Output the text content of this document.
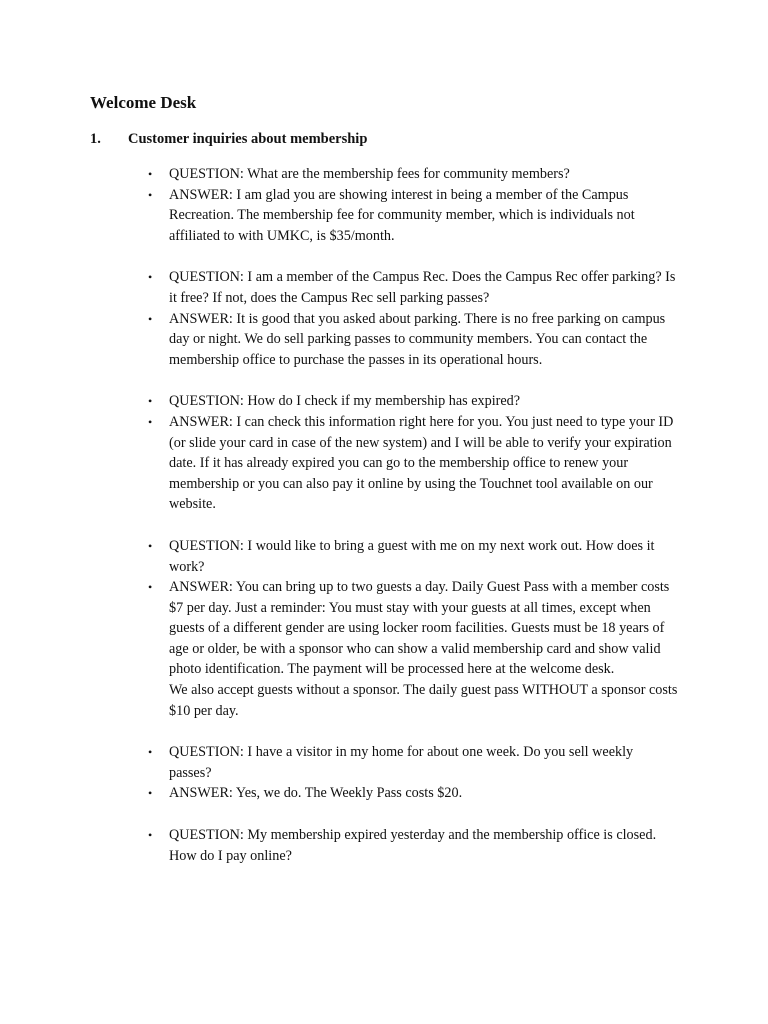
Welcome Desk
1. Customer inquiries about membership
• QUESTION: What are the membership fees for community members?
• ANSWER: I am glad you are showing interest in being a member of the Campus Recreation. The membership fee for community member, which is individuals not affiliated to with UMKC, is $35/month.
• QUESTION: I am a member of the Campus Rec. Does the Campus Rec offer parking? Is it free? If not, does the Campus Rec sell parking passes?
• ANSWER: It is good that you asked about parking. There is no free parking on campus day or night. We do sell parking passes to community members. You can contact the membership office to purchase the passes in its operational hours.
• QUESTION: How do I check if my membership has expired?
• ANSWER: I can check this information right here for you. You just need to type your ID (or slide your card in case of the new system) and I will be able to verify your expiration date. If it has already expired you can go to the membership office to renew your membership or you can also pay it online by using the Touchnet tool available on our website.
• QUESTION: I would like to bring a guest with me on my next work out. How does it work?
• ANSWER: You can bring up to two guests a day. Daily Guest Pass with a member costs $7 per day. Just a reminder: You must stay with your guests at all times, except when guests of a different gender are using locker room facilities. Guests must be 18 years of age or older, be with a sponsor who can show a valid membership card and show valid photo identification. The payment will be processed here at the welcome desk.
We also accept guests without a sponsor. The daily guest pass WITHOUT a sponsor costs $10 per day.
• QUESTION: I have a visitor in my home for about one week. Do you sell weekly passes?
• ANSWER: Yes, we do. The Weekly Pass costs $20.
• QUESTION: My membership expired yesterday and the membership office is closed. How do I pay online?
